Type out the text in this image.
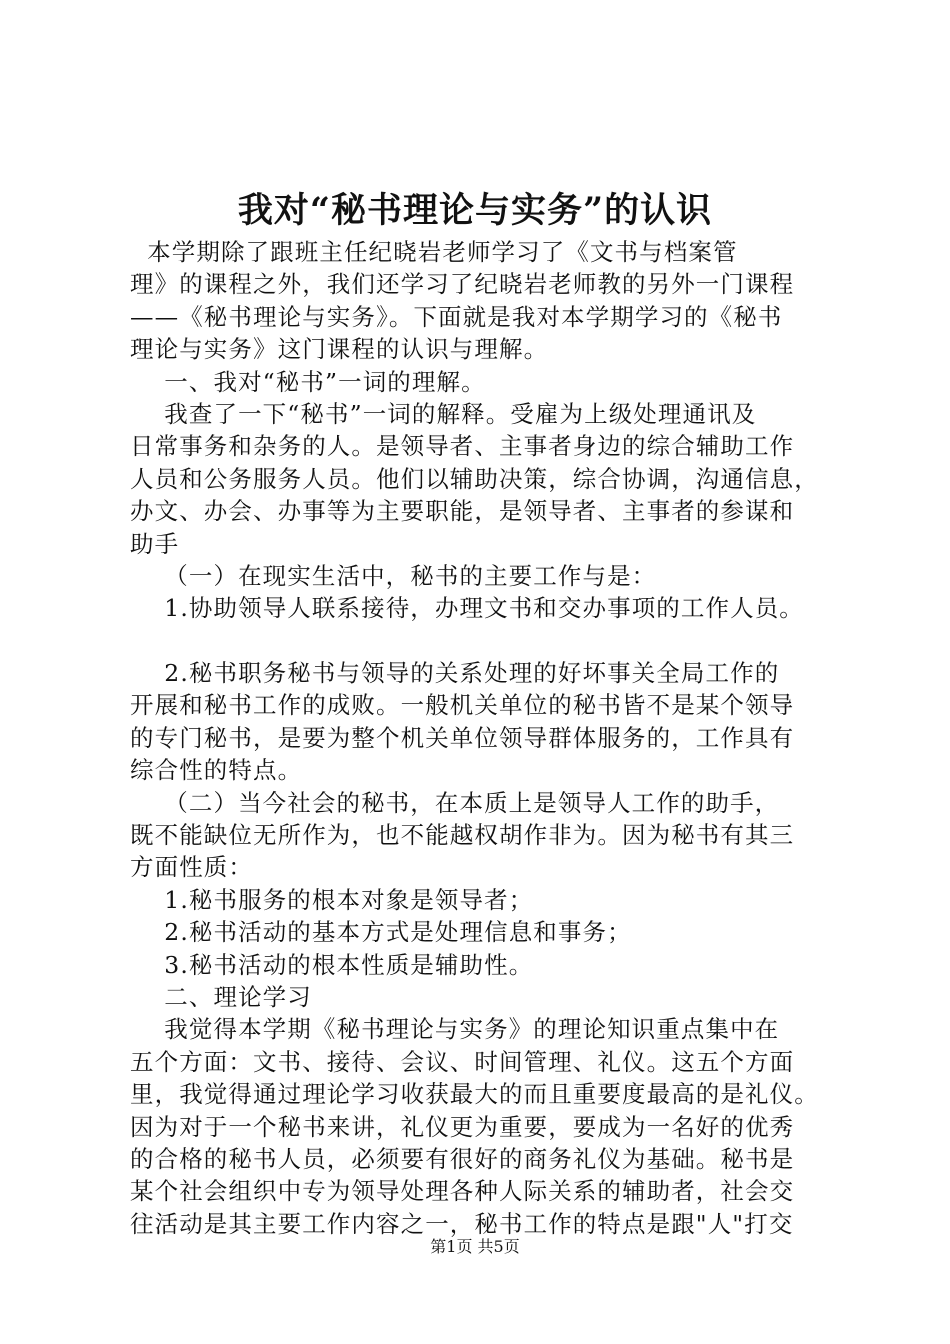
我对“秘书理论与实务”的认识

本学期除了跟班主任纪晓岩老师学习了《文书与档案管

理》的课程之外，我们还学习了纪晓岩老师教的另外一门课程

——《秘书理论与实务》。下面就是我对本学期学习的《秘书

理论与实务》这门课程的认识与理解。

一、我对“秘书”一词的理解。

我查了一下“秘书”一词的解释。受雇为上级处理通讯及

日常事务和杂务的人。是领导者、主事者身边的综合辅助工作

人员和公务服务人员。他们以辅助决策，综合协调，沟通信息，

办文、办会、办事等为主要职能，是领导者、主事者的参谋和

助手

（一）在现实生活中，秘书的主要工作与是：

1.协助领导人联系接待，办理文书和交办事项的工作人员。

2.秘书职务秘书与领导的关系处理的好坏事关全局工作的

开展和秘书工作的成败。一般机关单位的秘书皆不是某个领导

的专门秘书，是要为整个机关单位领导群体服务的，工作具有

综合性的特点。

（二）当今社会的秘书，在本质上是领导人工作的助手，

既不能缺位无所作为，也不能越权胡作非为。因为秘书有其三

方面性质：

1.秘书服务的根本对象是领导者；

2.秘书活动的基本方式是处理信息和事务；

3.秘书活动的根本性质是辅助性。

二、理论学习

我觉得本学期《秘书理论与实务》的理论知识重点集中在

五个方面：文书、接待、会议、时间管理、礼仪。这五个方面

里，我觉得通过理论学习收获最大的而且重要度最高的是礼仪。

因为对于一个秘书来讲，礼仪更为重要，要成为一名好的优秀

的合格的秘书人员，必须要有很好的商务礼仪为基础。秘书是

某个社会组织中专为领导处理各种人际关系的辅助者，社会交

往活动是其主要工作内容之一，秘书工作的特点是跟"人"打交

第1页 共5页
